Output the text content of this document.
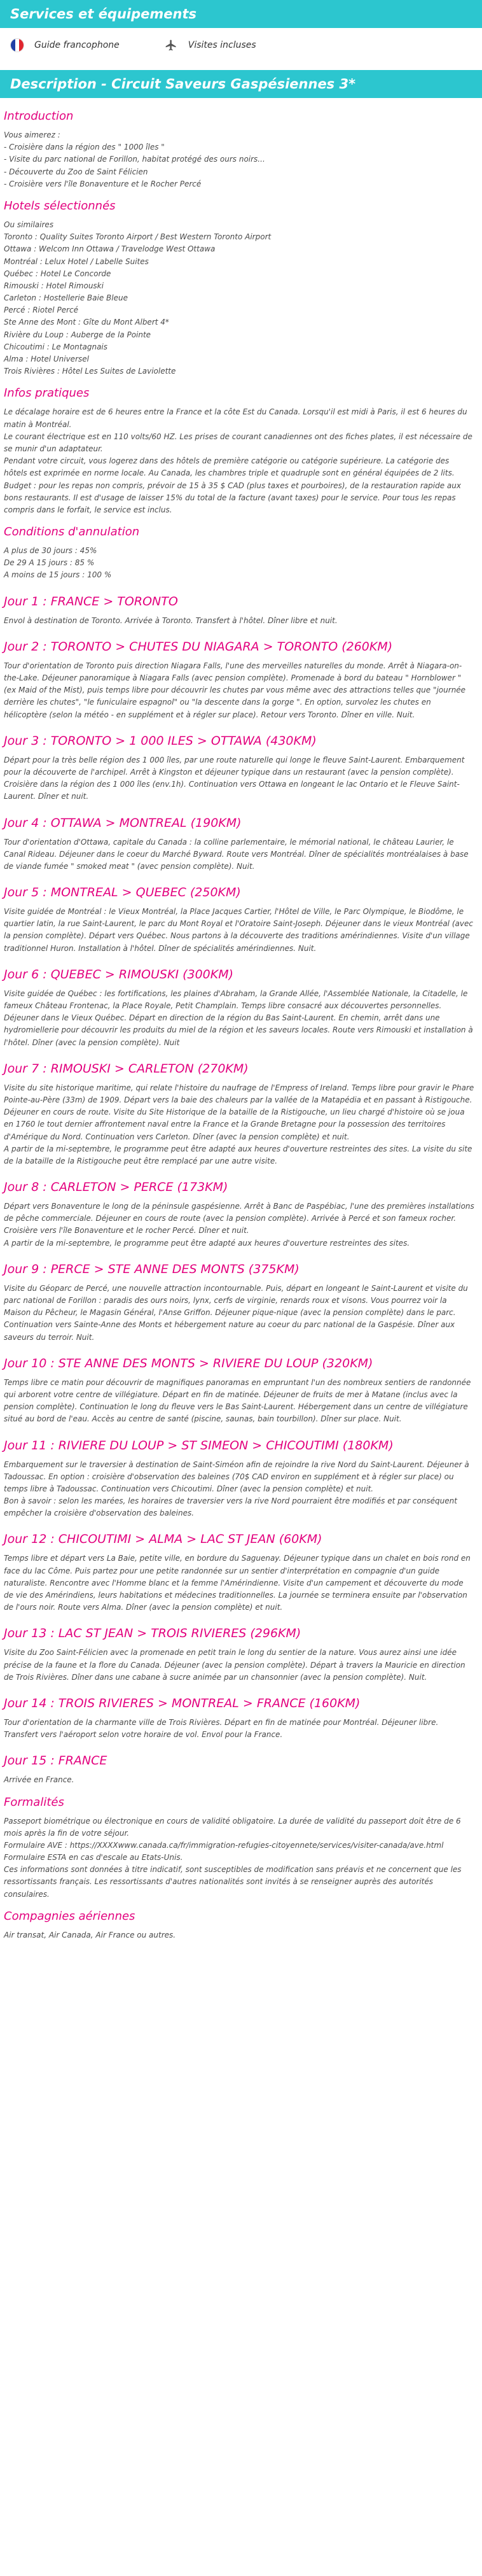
Services et équipements
Guide francophone	Visites incluses
Description - Circuit Saveurs Gaspésiennes 3*
Introduction
Vous aimerez :
- Croisière dans la région des " 1000 îles "
- Visite du parc national de Forillon, habitat protégé des ours noirs...
- Découverte du Zoo de Saint Félicien
- Croisière vers l'île Bonaventure et le Rocher Percé
Hotels sélectionnés
Ou similaires
Toronto : Quality Suites Toronto Airport / Best Western Toronto Airport
Ottawa : Welcom Inn Ottawa / Travelodge West Ottawa
Montréal : Lelux Hotel / Labelle Suites
Québec : Hotel Le Concorde
Rimouski : Hotel Rimouski
Carleton : Hostellerie Baie Bleue
Percé : Riotel Percé
Ste Anne des Mont : Gîte du Mont Albert 4*
Rivière du Loup : Auberge de la Pointe
Chicoutimi : Le Montagnais
Alma : Hotel Universel
Trois Rivières : Hôtel Les Suites de Laviolette
Infos pratiques
Le décalage horaire est de 6 heures entre la France et la côte Est du Canada. Lorsqu'il est midi à Paris, il est 6 heures du matin à Montréal.
Le courant électrique est en 110 volts/60 HZ. Les prises de courant canadiennes ont des fiches plates, il est nécessaire de se munir d'un adaptateur.
Pendant votre circuit, vous logerez dans des hôtels de première catégorie ou catégorie supérieure. La catégorie des hôtels est exprimée en norme locale. Au Canada, les chambres triple et quadruple sont en général équipées de 2 lits.
Budget : pour les repas non compris, prévoir de 15 à 35 $ CAD (plus taxes et pourboires), de la restauration rapide aux bons restaurants. Il est d'usage de laisser 15% du total de la facture (avant taxes) pour le service. Pour tous les repas compris dans le forfait, le service est inclus.
Conditions d'annulation
A plus de 30 jours : 45%
De 29 A 15 jours : 85 %
A moins de 15 jours : 100 %
Jour 1 : FRANCE > TORONTO
Envol à destination de Toronto. Arrivée à Toronto. Transfert à l'hôtel. Dîner libre et nuit.
Jour 2 : TORONTO > CHUTES DU NIAGARA > TORONTO (260KM)
Tour d'orientation de Toronto puis direction Niagara Falls, l'une des merveilles naturelles du monde. Arrêt à Niagara-on-the-Lake. Déjeuner panoramique à Niagara Falls (avec pension complète). Promenade à bord du bateau " Hornblower " (ex Maid of the Mist), puis temps libre pour découvrir les chutes par vous même avec des attractions telles que "journée derrière les chutes", "le funiculaire espagnol" ou "la descente dans la gorge ". En option, survolez les chutes en hélicoptère (selon la météo - en supplément et à régler sur place). Retour vers Toronto. Dîner en ville. Nuit.
Jour 3 : TORONTO > 1 000 ILES > OTTAWA (430KM)
Départ pour la très belle région des 1 000 îles, par une route naturelle qui longe le fleuve Saint-Laurent. Embarquement pour la découverte de l'archipel. Arrêt à Kingston et déjeuner typique dans un restaurant (avec la pension complète). Croisière dans la région des 1 000 îles (env.1h). Continuation vers Ottawa en longeant le lac Ontario et le Fleuve Saint-Laurent. Dîner et nuit.
Jour 4 : OTTAWA > MONTREAL (190KM)
Tour d'orientation d'Ottawa, capitale du Canada : la colline parlementaire, le mémorial national, le château Laurier, le Canal Rideau. Déjeuner dans le coeur du Marché Byward. Route vers Montréal. Dîner de spécialités montréalaises à base de viande fumée " smoked meat " (avec pension complète). Nuit.
Jour 5 : MONTREAL > QUEBEC (250KM)
Visite guidée de Montréal : le Vieux Montréal, la Place Jacques Cartier, l'Hôtel de Ville, le Parc Olympique, le Biodôme, le quartier latin, la rue Saint-Laurent, le parc du Mont Royal et l'Oratoire Saint-Joseph. Déjeuner dans le vieux Montréal (avec la pension complète). Départ vers Québec. Nous partons à la découverte des traditions amérindiennes. Visite d'un village traditionnel Huron. Installation à l'hôtel. Dîner de spécialités amérindiennes. Nuit.
Jour 6 : QUEBEC > RIMOUSKI (300KM)
Visite guidée de Québec : les fortifications, les plaines d'Abraham, la Grande Allée, l'Assemblée Nationale, la Citadelle, le fameux Château Frontenac, la Place Royale, Petit Champlain. Temps libre consacré aux découvertes personnelles. Déjeuner dans le Vieux Québec. Départ en direction de la région du Bas Saint-Laurent. En chemin, arrêt dans une hydromiellerie pour découvrir les produits du miel de la région et les saveurs locales. Route vers Rimouski et installation à l'hôtel. Dîner (avec la pension complète). Nuit
Jour 7 : RIMOUSKI > CARLETON (270KM)
Visite du site historique maritime, qui relate l'histoire du naufrage de l'Empress of Ireland. Temps libre pour gravir le Phare Pointe-au-Père (33m) de 1909. Départ vers la baie des chaleurs par la vallée de la Matapédia et en passant à Ristigouche. Déjeuner en cours de route. Visite du Site Historique de la bataille de la Ristigouche, un lieu chargé d'histoire où se joua en 1760 le tout dernier affrontement naval entre la France et la Grande Bretagne pour la possession des territoires d'Amérique du Nord. Continuation vers Carleton. Dîner (avec la pension complète) et nuit.
A partir de la mi-septembre, le programme peut être adapté aux heures d'ouverture restreintes des sites. La visite du site de la bataille de la Ristigouche peut être remplacé par une autre visite.
Jour 8 : CARLETON > PERCE (173KM)
Départ vers Bonaventure le long de la péninsule gaspésienne. Arrêt à Banc de Paspébiac, l'une des premières installations de pêche commerciale. Déjeuner en cours de route (avec la pension complète). Arrivée à Percé et son fameux rocher. Croisière vers l'île Bonaventure et le rocher Percé. Dîner et nuit.
A partir de la mi-septembre, le programme peut être adapté aux heures d'ouverture restreintes des sites.
Jour 9 : PERCE > STE ANNE DES MONTS (375KM)
Visite du Géoparc de Percé, une nouvelle attraction incontournable. Puis, départ en longeant le Saint-Laurent et visite du parc national de Forillon : paradis des ours noirs, lynx, cerfs de virginie, renards roux et visons. Vous pourrez voir la Maison du Pêcheur, le Magasin Général, l'Anse Griffon. Déjeuner pique-nique (avec la pension complète) dans le parc. Continuation vers Sainte-Anne des Monts et hébergement nature au coeur du parc national de la Gaspésie. Dîner aux saveurs du terroir. Nuit.
Jour 10 : STE ANNE DES MONTS > RIVIERE DU LOUP (320KM)
Temps libre ce matin pour découvrir de magnifiques panoramas en empruntant l'un des nombreux sentiers de randonnée qui arborent votre centre de villégiature. Départ en fin de matinée. Déjeuner de fruits de mer à Matane (inclus avec la pension complète). Continuation le long du fleuve vers le Bas Saint-Laurent. Hébergement dans un centre de villégiature situé au bord de l'eau. Accès au centre de santé (piscine, saunas, bain tourbillon). Dîner sur place. Nuit.
Jour 11 : RIVIERE DU LOUP > ST SIMEON > CHICOUTIMI (180KM)
Embarquement sur le traversier à destination de Saint-Siméon afin de rejoindre la rive Nord du Saint-Laurent. Déjeuner à Tadoussac. En option : croisière d'observation des baleines (70$ CAD environ en supplément et à régler sur place) ou temps libre à Tadoussac. Continuation vers Chicoutimi. Dîner (avec la pension complète) et nuit.
Bon à savoir : selon les marées, les horaires de traversier vers la rive Nord pourraient être modifiés et par conséquent empêcher la croisière d'observation des baleines.
Jour 12 : CHICOUTIMI > ALMA > LAC ST JEAN (60KM)
Temps libre et départ vers La Baie, petite ville, en bordure du Saguenay. Déjeuner typique dans un chalet en bois rond en face du lac Côme. Puis partez pour une petite randonnée sur un sentier d'interprétation en compagnie d'un guide naturaliste. Rencontre avec l'Homme blanc et la femme l'Amérindienne. Visite d'un campement et découverte du mode de vie des Amérindiens, leurs habitations et médecines traditionnelles. La journée se terminera ensuite par l'observation de l'ours noir. Route vers Alma. Dîner (avec la pension complète) et nuit.
Jour 13 : LAC ST JEAN > TROIS RIVIERES (296KM)
Visite du Zoo Saint-Félicien avec la promenade en petit train le long du sentier de la nature. Vous aurez ainsi une idée précise de la faune et la flore du Canada. Déjeuner (avec la pension complète). Départ à travers la Mauricie en direction de Trois Rivières. Dîner dans une cabane à sucre animée par un chansonnier (avec la pension complète). Nuit.
Jour 14 : TROIS RIVIERES > MONTREAL > FRANCE (160KM)
Tour d'orientation de la charmante ville de Trois Rivières. Départ en fin de matinée pour Montréal. Déjeuner libre. Transfert vers l'aéroport selon votre horaire de vol. Envol pour la France.
Jour 15 : FRANCE
Arrivée en France.
Formalités
Passeport biométrique ou électronique en cours de validité obligatoire. La durée de validité du passeport doit être de 6 mois après la fin de votre séjour.
Formulaire AVE : https://XXXXwww.canada.ca/fr/immigration-refugies-citoyennete/services/visiter-canada/ave.html
Formulaire ESTA en cas d'escale au Etats-Unis.
Ces informations sont données à titre indicatif, sont susceptibles de modification sans préavis et ne concernent que les ressortissants français. Les ressortissants d'autres nationalités sont invités à se renseigner auprès des autorités consulaires.
Compagnies aériennes
Air transat, Air Canada, Air France ou autres.
